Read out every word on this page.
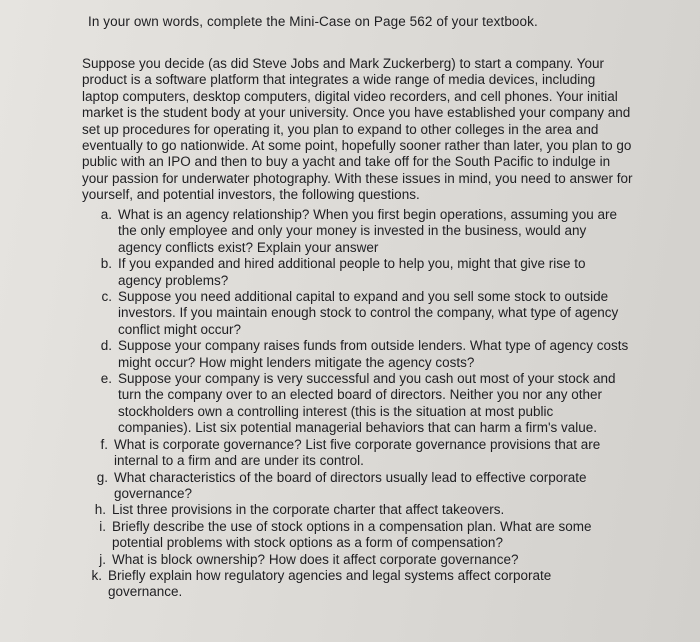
In your own words, complete the Mini-Case on Page 562 of your textbook.

Suppose you decide (as did Steve Jobs and Mark Zuckerberg) to start a company. Your
product is a software platform that integrates a wide range of media devices, including
laptop computers, desktop computers, digital video recorders, and cell phones. Your initial
market is the student body at your university. Once you have established your company and
set up procedures for operating it, you plan to expand to other colleges in the area and
eventually to go nationwide. At some point, hopefully sooner rather than later, you plan to go
public with an IPO and then to buy a yacht and take off for the South Pacific to indulge in
your passion for underwater photography. With these issues in mind, you need to answer for
yourself, and potential investors, the following questions.

a. What is an agency relationship? When you first begin operations, assuming you are
the only employee and only your money is invested in the business, would any
agency conflicts exist? Explain your answer
b. If you expanded and hired additional people to help you, might that give rise to
agency problems?
c. Suppose you need additional capital to expand and you sell some stock to outside
investors. If you maintain enough stock to control the company, what type of agency
conflict might occur?
d. Suppose your company raises funds from outside lenders. What type of agency costs
might occur? How might lenders mitigate the agency costs?
e. Suppose your company is very successful and you cash out most of your stock and
turn the company over to an elected board of directors. Neither you nor any other
stockholders own a controlling interest (this is the situation at most public
companies). List six potential managerial behaviors that can harm a firm's value.
f. What is corporate governance? List five corporate governance provisions that are
internal to a firm and are under its control.
g. What characteristics of the board of directors usually lead to effective corporate
governance?
h. List three provisions in the corporate charter that affect takeovers.
i. Briefly describe the use of stock options in a compensation plan. What are some
potential problems with stock options as a form of compensation?
j. What is block ownership? How does it affect corporate governance?
k. Briefly explain how regulatory agencies and legal systems affect corporate
governance.
